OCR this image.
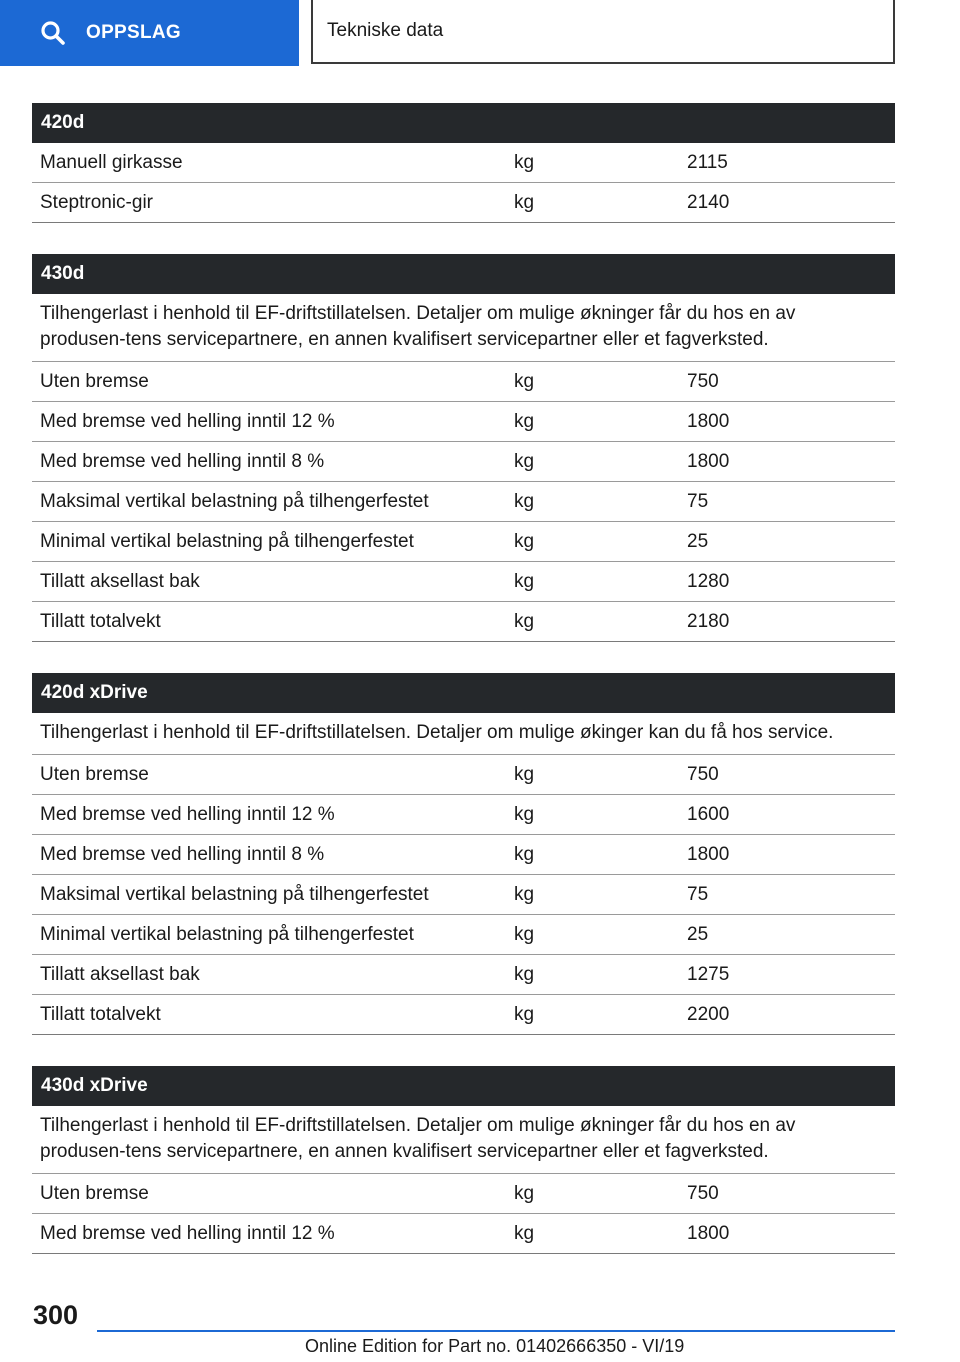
OPPSLAG	Tekniske data
420d
Manuell girkasse	kg	2115
Steptronic-gir	kg	2140
430d
Tilhengerlast i henhold til EF-driftstillatelsen. Detaljer om mulige økninger får du hos en av produsen-tens servicepartnere, en annen kvalifisert servicepartner eller et fagverksted.
Uten bremse	kg	750
Med bremse ved helling inntil 12 %	kg	1800
Med bremse ved helling inntil 8 %	kg	1800
Maksimal vertikal belastning på tilhengerfestet	kg	75
Minimal vertikal belastning på tilhengerfestet	kg	25
Tillatt aksellast bak	kg	1280
Tillatt totalvekt	kg	2180
420d xDrive
Tilhengerlast i henhold til EF-driftstillatelsen. Detaljer om mulige økinger kan du få hos service.
Uten bremse	kg	750
Med bremse ved helling inntil 12 %	kg	1600
Med bremse ved helling inntil 8 %	kg	1800
Maksimal vertikal belastning på tilhengerfestet	kg	75
Minimal vertikal belastning på tilhengerfestet	kg	25
Tillatt aksellast bak	kg	1275
Tillatt totalvekt	kg	2200
430d xDrive
Tilhengerlast i henhold til EF-driftstillatelsen. Detaljer om mulige økninger får du hos en av produsen-tens servicepartnere, en annen kvalifisert servicepartner eller et fagverksted.
Uten bremse	kg	750
Med bremse ved helling inntil 12 %	kg	1800
300
Online Edition for Part no. 01402666350 - VI/19
